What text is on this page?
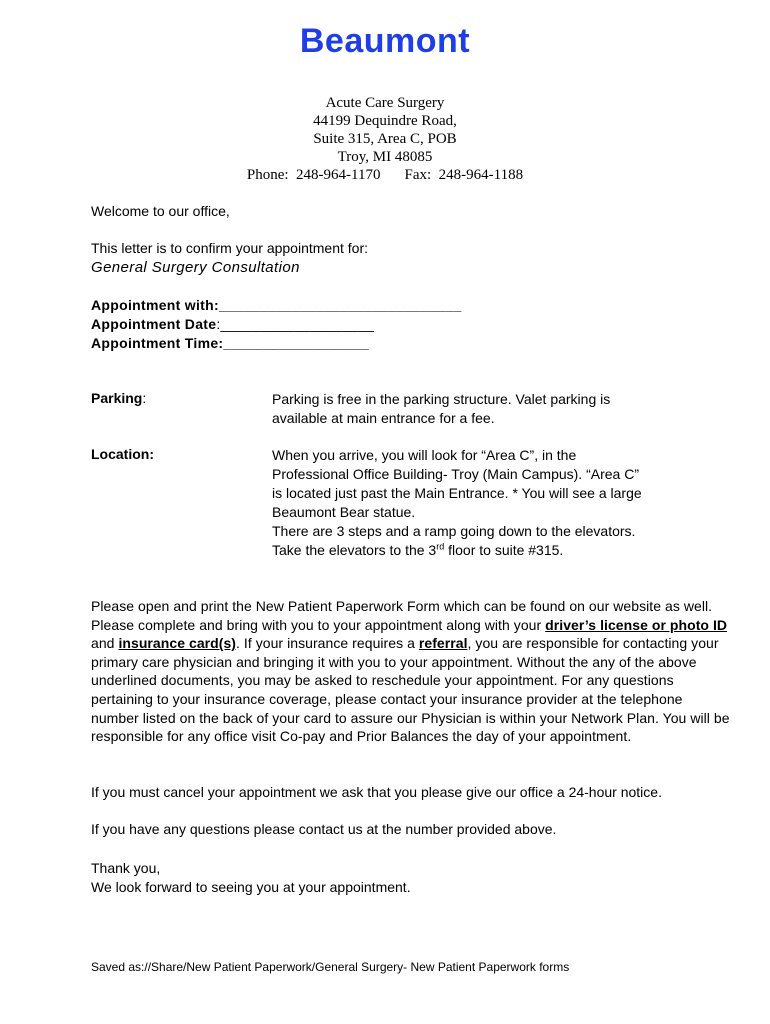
Beaumont
Acute Care Surgery
44199 Dequindre Road,
Suite 315, Area C, POB
Troy, MI 48085
Phone:  248-964-1170 Fax:  248-964-1188
Welcome to our office,
This letter is to confirm your appointment for:
General Surgery Consultation
Appointment with:______________________________
Appointment Date:___________________
Appointment Time:__________________
Parking:	Parking is free in the parking structure. Valet parking is
available at main entrance for a fee.
Location:	When you arrive, you will look for “Area C”, in the
Professional Office Building- Troy (Main Campus). “Area C”
is located just past the Main Entrance. * You will see a large
Beaumont Bear statue.
There are 3 steps and a ramp going down to the elevators.
Take the elevators to the 3rd floor to suite #315.
Please open and print the New Patient Paperwork Form which can be found on our website as well. Please complete and bring with you to your appointment along with your driver’s license or photo ID and insurance card(s). If your insurance requires a referral, you are responsible for contacting your primary care physician and bringing it with you to your appointment. Without the any of the above underlined documents, you may be asked to reschedule your appointment. For any questions pertaining to your insurance coverage, please contact your insurance provider at the telephone number listed on the back of your card to assure our Physician is within your Network Plan. You will be responsible for any office visit Co-pay and Prior Balances the day of your appointment.
If you must cancel your appointment we ask that you please give our office a 24-hour notice.
If you have any questions please contact us at the number provided above.
Thank you,
We look forward to seeing you at your appointment.
Saved as://Share/New Patient Paperwork/General Surgery- New Patient Paperwork forms
